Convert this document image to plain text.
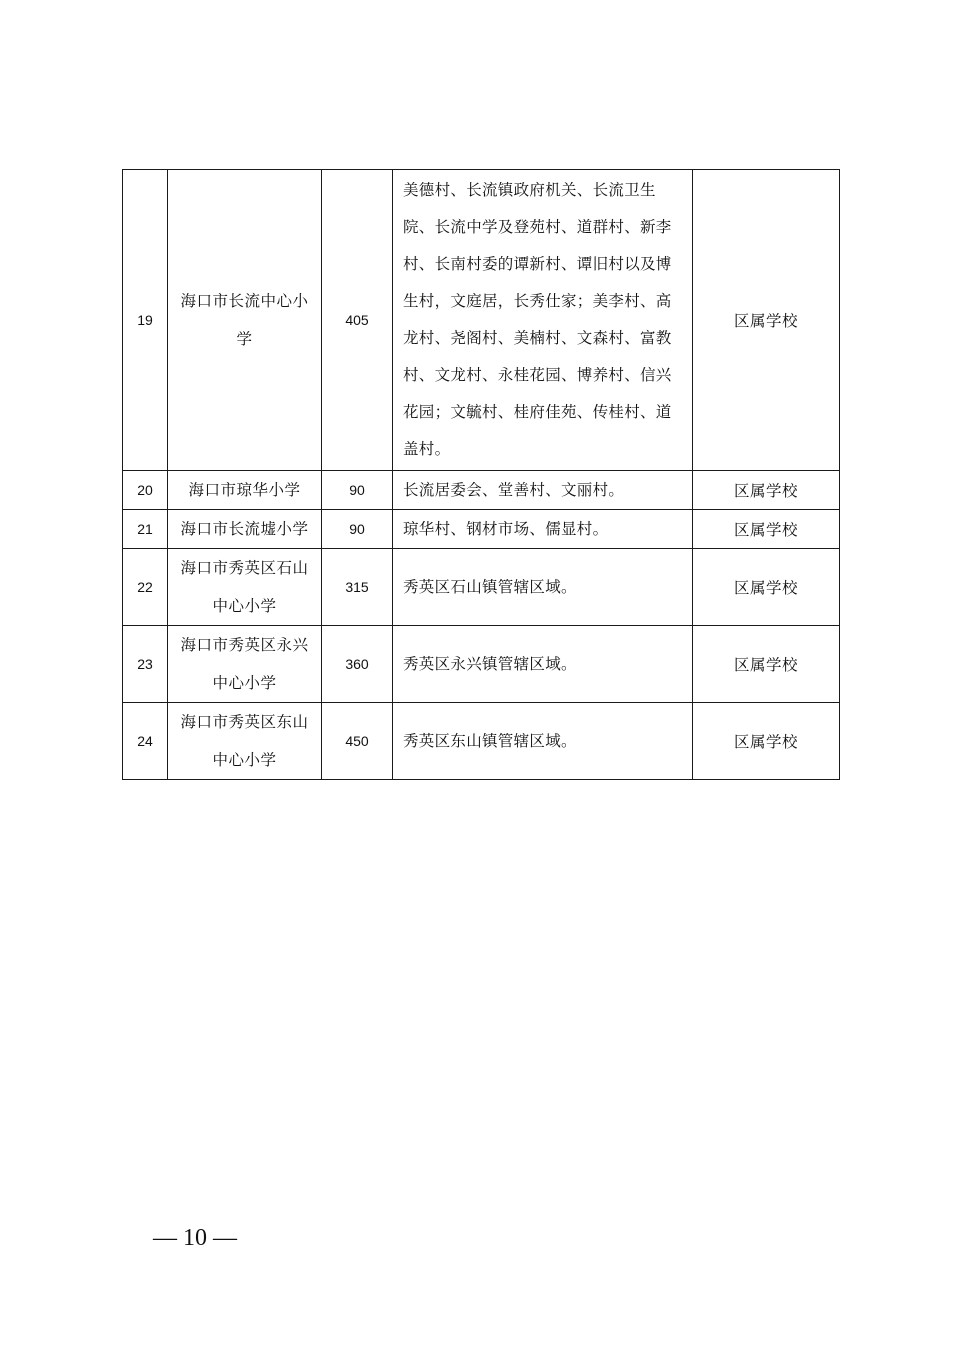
19	海口市长流中心小学	405	美德村、长流镇政府机关、长流卫生院、长流中学及登苑村、道群村、新李村、长南村委的谭新村、谭旧村以及博生村，文庭居，长秀仕家；美李村、高龙村、尧阁村、美楠村、文森村、富教村、文龙村、永桂花园、博养村、信兴花园；文毓村、桂府佳苑、传桂村、道盖村。	区属学校
20	海口市琼华小学	90	长流居委会、堂善村、文丽村。	区属学校
21	海口市长流墟小学	90	琼华村、钢材市场、儒显村。	区属学校
22	海口市秀英区石山中心小学	315	秀英区石山镇管辖区域。	区属学校
23	海口市秀英区永兴中心小学	360	秀英区永兴镇管辖区域。	区属学校
24	海口市秀英区东山中心小学	450	秀英区东山镇管辖区域。	区属学校
— 10 —
